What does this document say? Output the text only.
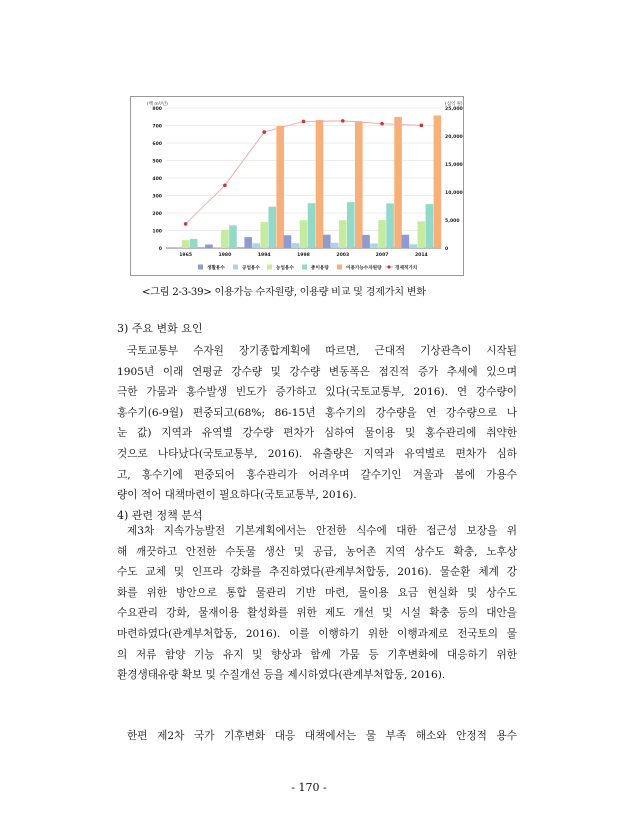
0
100
200
300
400
500
600
700
800
0
5,000
10,000
15,000
20,000
25,000
(백 m³/년)	(십억 원)
1965	1980	1994	1998	2003	2007	2014
생활용수	공업용수	농업용수	총이용량	이용가능수자원량	경제적가치
<그림 2-3-39> 이용가능 수자원량, 이용량 비교 및 경제가치 변화
3) 주요 변화 요인
국토교통부 수자원 장기종합계획에 따르면, 근대적 기상관측이 시작된
1905년 이래 연평균 강수량 및 강수량 변동폭은 점진적 증가 추세에 있으며
극한 가뭄과 홍수발생 빈도가 증가하고 있다(국토교통부, 2016). 연 강수량이
홍수기(6-9월) 편중되고(68%; 86-15년 홍수기의 강수량을 연 강수량으로 나
눈 값) 지역과 유역별 강수량 편차가 심하여 물이용 및 홍수관리에 취약한
것으로 나타났다(국토교통부, 2016). 유출량은 지역과 유역별로 편차가 심하
고, 홍수기에 편중되어 홍수관리가 어려우며 갈수기인 겨울과 봄에 가용수
량이 적어 대책마련이 필요하다(국토교통부, 2016).
4) 관련 정책 분석
제3차 지속가능발전 기본계획에서는 안전한 식수에 대한 접근성 보장을 위
해 깨끗하고 안전한 수돗물 생산 및 공급, 농어촌 지역 상수도 확충, 노후상
수도 교체 및 인프라 강화를 추진하였다(관계부처합동, 2016). 물순환 체계 강
화를 위한 방안으로 통합 물관리 기반 마련, 물이용 요금 현실화 및 상수도
수요관리 강화, 물재이용 활성화를 위한 제도 개선 및 시설 확충 등의 대안을
마련하였다(관계부처합동, 2016). 이를 이행하기 위한 이행과제로 전국토의 물
의 저류 함양 기능 유지 및 향상과 함께 가뭄 등 기후변화에 대응하기 위한
환경생태유량 확보 및 수질개선 등을 제시하였다(관계부처합동, 2016).
한편 제2차 국가 기후변화 대응 대책에서는 물 부족 해소와 안정적 용수
- 170 -
